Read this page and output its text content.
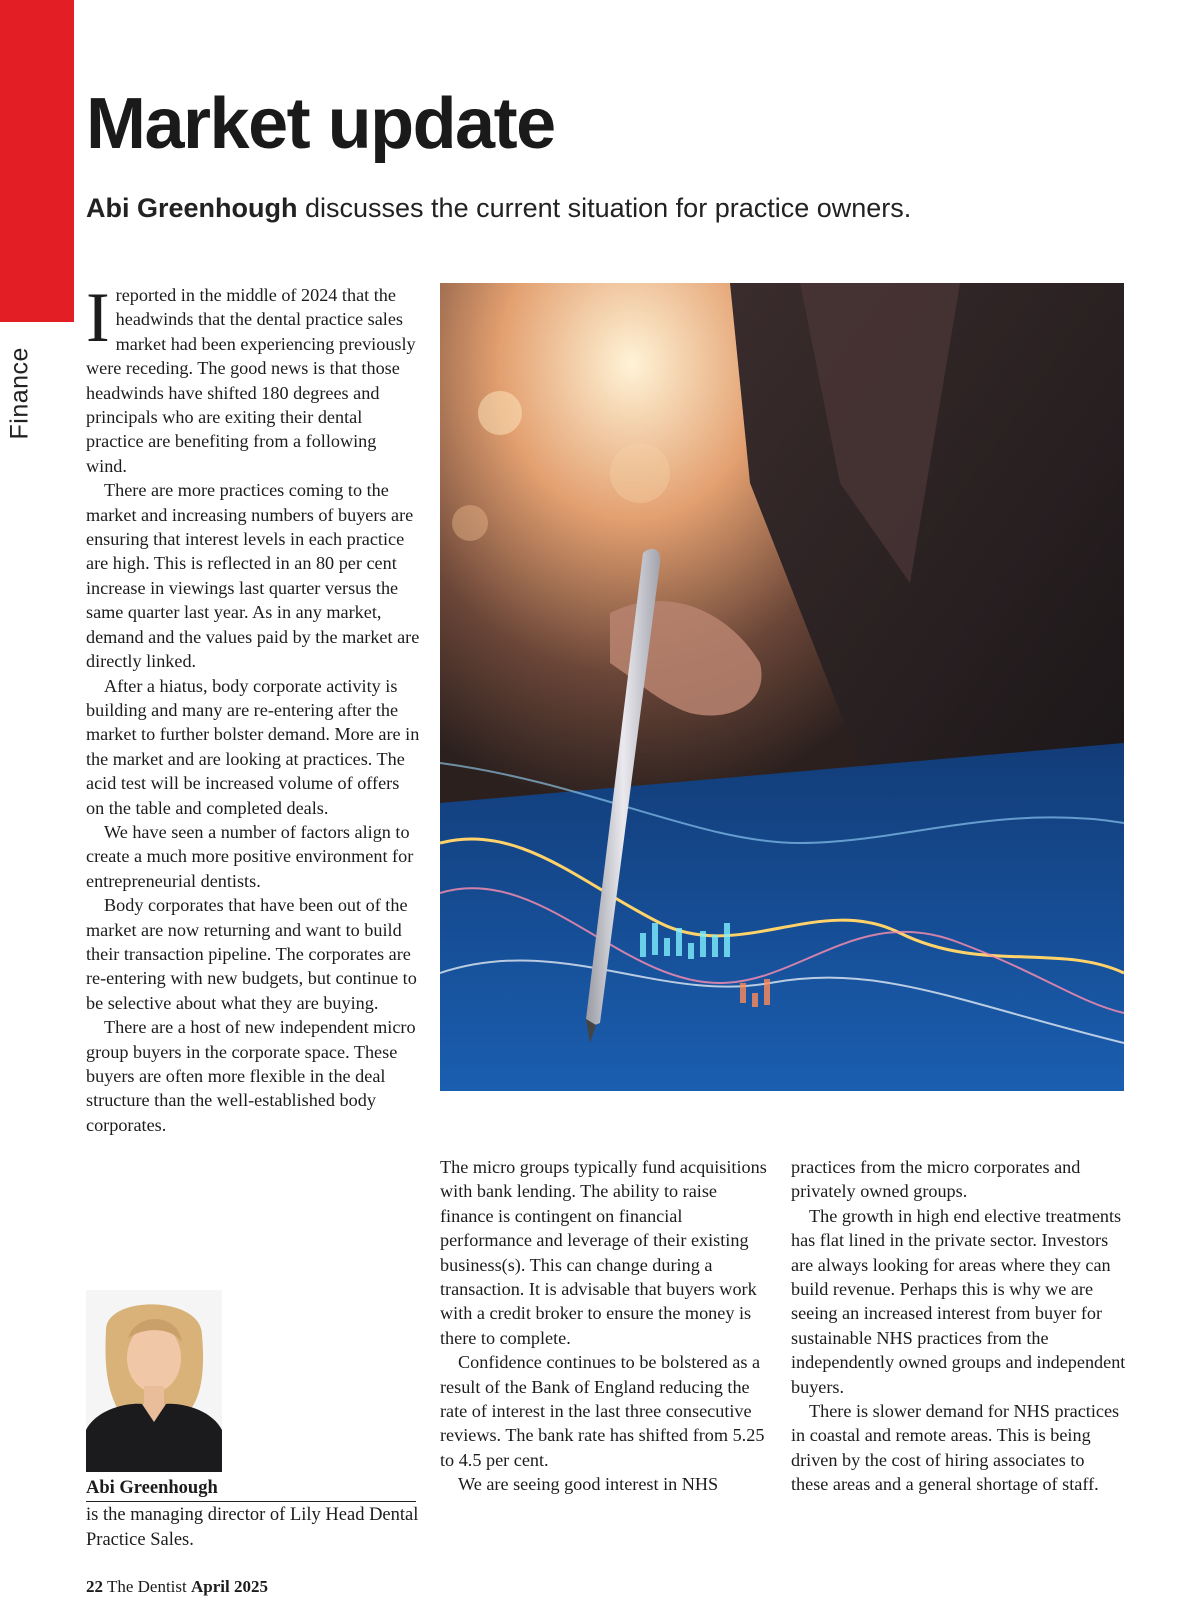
Finance
Market update

Abi Greenhough discusses the current situation for practice owners.

Ireported in the middle of 2024 that the headwinds that the dental practice sales market had been experiencing previously were receding. The good news is that those headwinds have shifted 180 degrees and principals who are exiting their dental practice are benefiting from a following wind.

There are more practices coming to the market and increasing numbers of buyers are ensuring that interest levels in each practice are high. This is reflected in an 80 per cent increase in viewings last quarter versus the same quarter last year. As in any market, demand and the values paid by the market are directly linked.

After a hiatus, body corporate activity is building and many are re-entering after the market to further bolster demand. More are in the market and are looking at practices. The acid test will be increased volume of offers on the table and completed deals.

We have seen a number of factors align to create a much more positive environment for entrepreneurial dentists.

Body corporates that have been out of the market are now returning and want to build their transaction pipeline. The corporates are re-entering with new budgets, but continue to be selective about what they are buying.

There are a host of new independent micro group buyers in the corporate space. These buyers are often more flexible in the deal structure than the well-established body corporates.

The micro groups typically fund acquisitions with bank lending. The ability to raise finance is contingent on financial performance and leverage of their existing business(s). This can change during a transaction. It is advisable that buyers work with a credit broker to ensure the money is there to complete.

Confidence continues to be bolstered as a result of the Bank of England reducing the rate of interest in the last three consecutive reviews. The bank rate has shifted from 5.25 to 4.5 per cent.

We are seeing good interest in NHS

practices from the micro corporates and privately owned groups.

The growth in high end elective treatments has flat lined in the private sector. Investors are always looking for areas where they can build revenue. Perhaps this is why we are seeing an increased interest from buyer for sustainable NHS practices from the independently owned groups and independent buyers.

There is slower demand for NHS practices in coastal and remote areas. This is being driven by the cost of hiring associates to these areas and a general shortage of staff.

Abi Greenhough
is the managing director of Lily Head Dental Practice Sales.
22 The Dentist April 2025
